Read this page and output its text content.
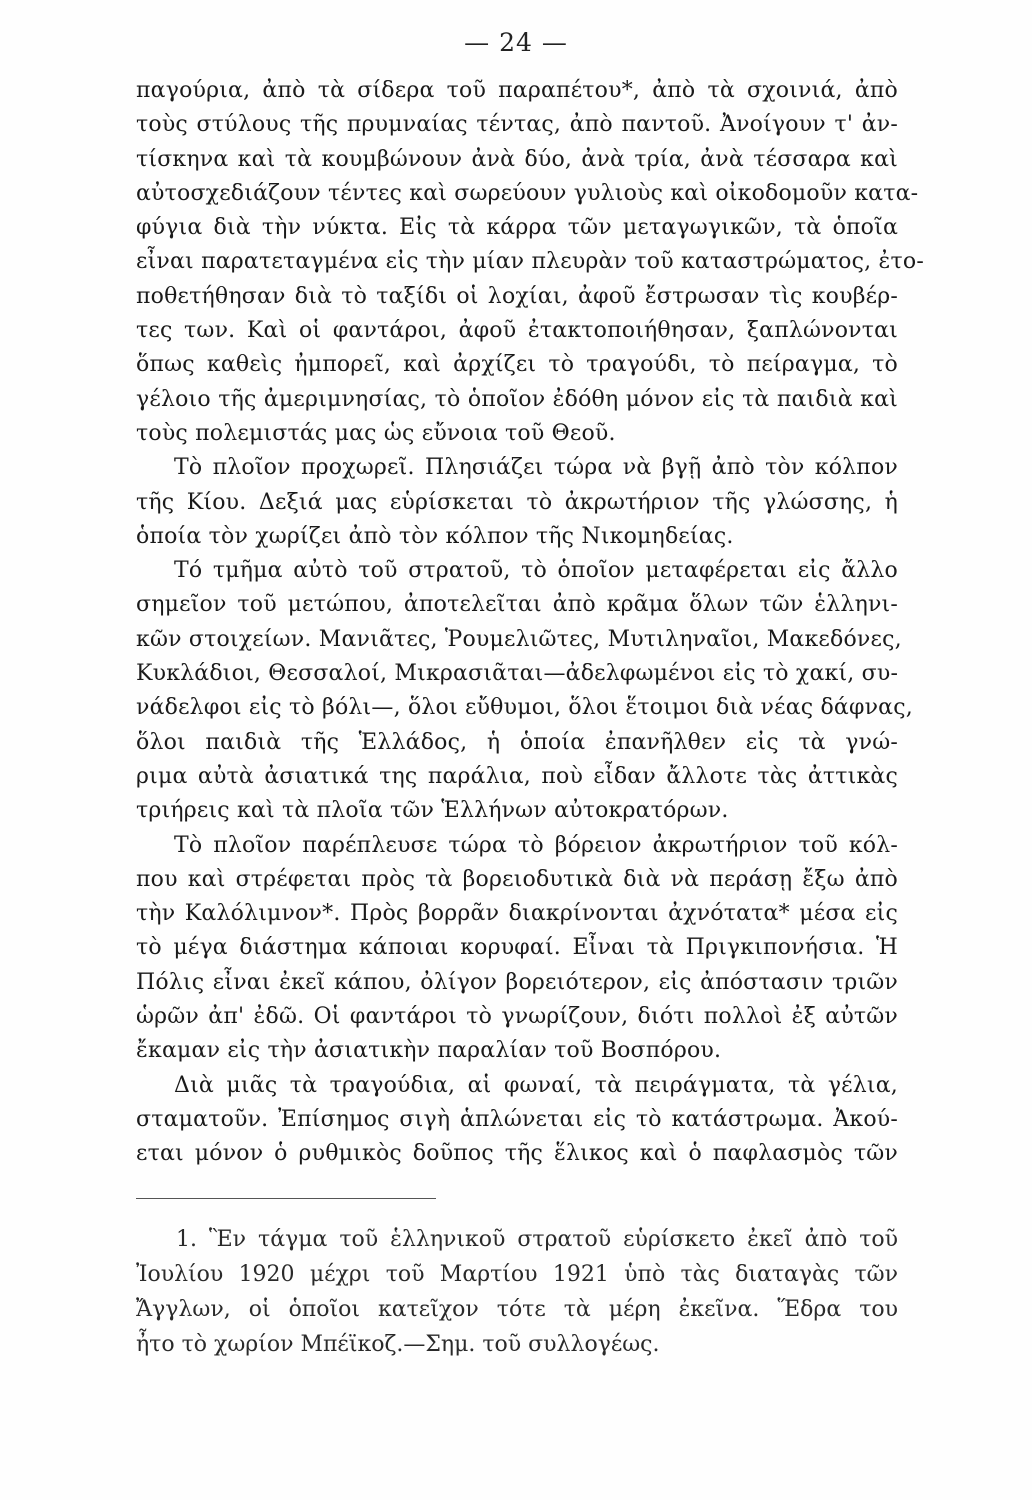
— 24 —
παγούρια, ἀπὸ τὰ σίδερα τοῦ παραπέτου*, ἀπὸ τὰ σχοινιά, ἀπὸ
τοὺς στύλους τῆς πρυμναίας τέντας, ἀπὸ παντοῦ. Ἀνοίγουν τ' ἀν-
τίσκηνα καὶ τὰ κουμβώνουν ἀνὰ δύο, ἀνὰ τρία, ἀνὰ τέσσαρα καὶ
αὐτοσχεδιάζουν τέντες καὶ σωρεύουν γυλιοὺς καὶ οἰκοδομοῦν κατα-
φύγια διὰ τὴν νύκτα. Εἰς τὰ κάρρα τῶν μεταγωγικῶν, τὰ ὁποῖα
εἶναι παρατεταγμένα εἰς τὴν μίαν πλευρὰν τοῦ καταστρώματος, ἐτο-
ποθετήθησαν διὰ τὸ ταξίδι οἱ λοχίαι, ἀφοῦ ἔστρωσαν τὶς κουβέρ-
τες των. Καὶ οἱ φαντάροι, ἀφοῦ ἐτακτοποιήθησαν, ξαπλώνονται
ὅπως καθεὶς ἠμπορεῖ, καὶ ἀρχίζει τὸ τραγούδι, τὸ πείραγμα, τὸ
γέλοιο τῆς ἀμεριμνησίας, τὸ ὁποῖον ἐδόθη μόνον εἰς τὰ παιδιὰ καὶ
τοὺς πολεμιστάς μας ὡς εὔνοια τοῦ Θεοῦ.
Τὸ πλοῖον προχωρεῖ. Πλησιάζει τώρα νὰ βγῇ ἀπὸ τὸν κόλπον
τῆς Κίου. Δεξιά μας εὑρίσκεται τὸ ἀκρωτήριον τῆς γλώσσης, ἡ
ὁποία τὸν χωρίζει ἀπὸ τὸν κόλπον τῆς Νικομηδείας.
Τό τμῆμα αὐτὸ τοῦ στρατοῦ, τὸ ὁποῖον μεταφέρεται εἰς ἄλλο
σημεῖον τοῦ μετώπου, ἀποτελεῖται ἀπὸ κρᾶμα ὅλων τῶν ἑλληνι-
κῶν στοιχείων. Μανιᾶτες, Ῥουμελιῶτες, Μυτιληναῖοι, Μακεδόνες,
Κυκλάδιοι, Θεσσαλοί, Μικρασιᾶται—ἀδελφωμένοι εἰς τὸ χακί, συ-
νάδελφοι εἰς τὸ βόλι—, ὅλοι εὔθυμοι, ὅλοι ἕτοιμοι διὰ νέας δάφνας,
ὅλοι παιδιὰ τῆς Ἑλλάδος, ἡ ὁποία ἐπανῆλθεν εἰς τὰ γνώ-
ριμα αὐτὰ ἀσιατικά της παράλια, ποὺ εἶδαν ἄλλοτε τὰς ἀττικὰς
τριήρεις καὶ τὰ πλοῖα τῶν Ἑλλήνων αὐτοκρατόρων.
Τὸ πλοῖον παρέπλευσε τώρα τὸ βόρειον ἀκρωτήριον τοῦ κόλ-
που καὶ στρέφεται πρὸς τὰ βορειοδυτικὰ διὰ νὰ περάσῃ ἔξω ἀπὸ
τὴν Καλόλιμνον*. Πρὸς βορρᾶν διακρίνονται ἀχνότατα* μέσα εἰς
τὸ μέγα διάστημα κάποιαι κορυφαί. Εἶναι τὰ Πριγκιπονήσια. Ἡ
Πόλις εἶναι ἐκεῖ κάπου, ὀλίγον βορειότερον, εἰς ἀπόστασιν τριῶν
ὡρῶν ἀπ' ἐδῶ. Οἱ φαντάροι τὸ γνωρίζουν, διότι πολλοὶ ἐξ αὐτῶν
ἔκαμαν εἰς τὴν ἀσιατικὴν παραλίαν τοῦ Βοσπόρου.
Διὰ μιᾶς τὰ τραγούδια, αἱ φωναί, τὰ πειράγματα, τὰ γέλια,
σταματοῦν. Ἐπίσημος σιγὴ ἁπλώνεται εἰς τὸ κατάστρωμα. Ἀκού-
εται μόνον ὁ ρυθμικὸς δοῦπος τῆς ἕλικος καὶ ὁ παφλασμὸς τῶν
1. Ἓν τάγμα τοῦ ἑλληνικοῦ στρατοῦ εὑρίσκετο ἐκεῖ ἀπὸ τοῦ
Ἰουλίου 1920 μέχρι τοῦ Μαρτίου 1921 ὑπὸ τὰς διαταγὰς τῶν
Ἄγγλων, οἱ ὁποῖοι κατεῖχον τότε τὰ μέρη ἐκεῖνα. Ἕδρα του
ἦτο τὸ χωρίον Μπέϊκοζ.—Σημ. τοῦ συλλογέως.
